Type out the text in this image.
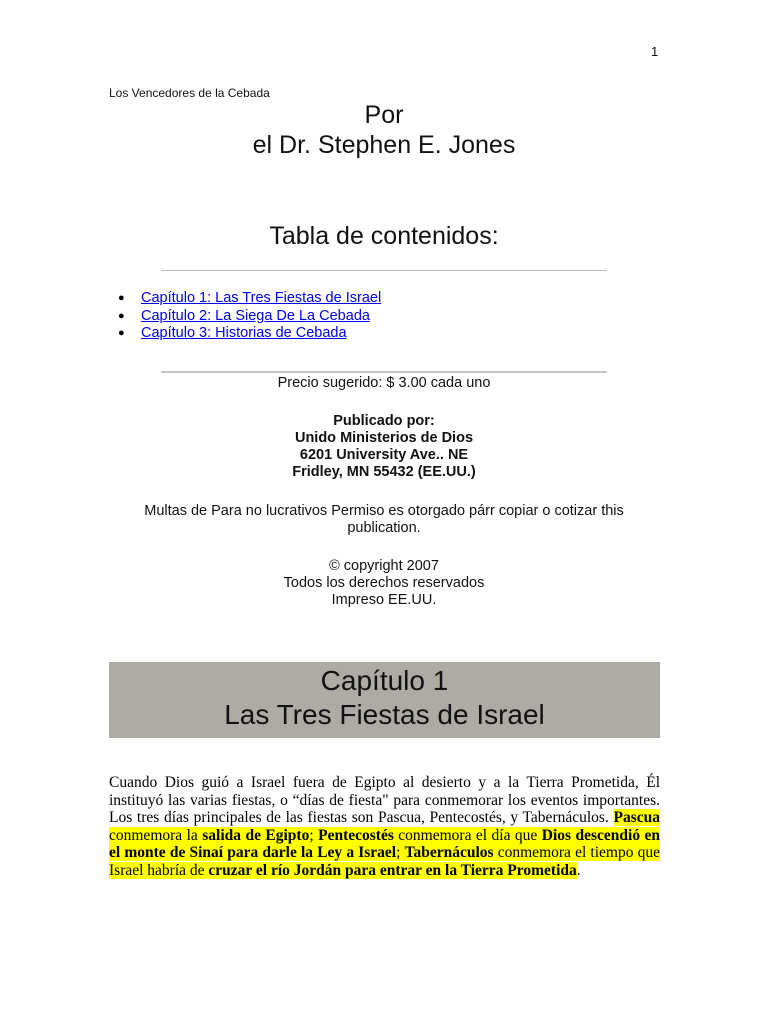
1
Los Vencedores de la Cebada
Por
el Dr. Stephen E. Jones
Tabla de contenidos:
● Capítulo 1: Las Tres Fiestas de Israel
● Capítulo 2: La Siega De La Cebada
● Capítulo 3: Historias de Cebada
Precio sugerido: $ 3.00 cada uno
Publicado por:
Unido Ministerios de Dios
6201 University Ave.. NE
Fridley, MN 55432 (EE.UU.)
Multas de Para no lucrativos Permiso es otorgado párr copiar o cotizar this
publication.
© copyright 2007
Todos los derechos reservados
Impreso EE.UU.
Capítulo 1
Las Tres Fiestas de Israel
Cuando Dios guió a Israel fuera de Egipto al desierto y a la Tierra Prometida, Él instituyó las varias fiestas, o “días de fiesta" para conmemorar los eventos importantes. Los tres días principales de las fiestas son Pascua, Pentecostés, y Tabernáculos. Pascua conmemora la salida de Egipto; Pentecostés conmemora el día que Dios descendió en el monte de Sinaí para darle la Ley a Israel; Tabernáculos conmemora el tiempo que Israel habría de cruzar el río Jordán para entrar en la Tierra Prometida.
